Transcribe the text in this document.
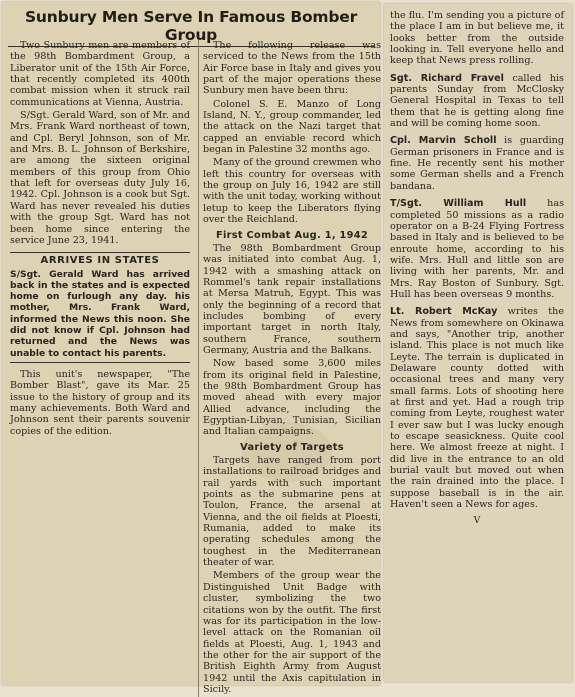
Sunbury Men Serve In Famous Bomber Group

Two Sunbury men are members of the 98th Bombardment Group, a Liberator unit of the 15th Air Force, that recently completed its 400th combat mission when it struck rail communications at Vienna, Austria.

S/Sgt. Gerald Ward, son of Mr. and Mrs. Frank Ward northeast of town, and Cpl. Beryl Johnson, son of Mr. and Mrs. B. L. Johnson of Berkshire, are among the sixteen original members of this group from Ohio that left for overseas duty July 16, 1942. Cpl. Johnson is a cook but Sgt. Ward has never revealed his duties with the group Sgt. Ward has not been home since entering the service June 23, 1941.

ARRIVES IN STATES
S/Sgt. Gerald Ward has arrived back in the states and is expected home on furlough any day. his mother, Mrs. Frank Ward, informed the News this noon. She did not know if Cpl. Johnson had returned and the News was unable to contact his parents.

This unit's newspaper, "The Bomber Blast", gave its Mar. 25 issue to the history of group and its many achievements. Both Ward and Johnson sent their parents souvenir copies of the edition.

The following release was serviced to the News from the 15th Air Force base in Italy and gives you part of the major operations these Sunbury men have been thru:

Colonel S. E. Manzo of Long Island, N. Y., group commander, led the attack on the Nazi target that capped an enviable record which began in Palestine 32 months ago.

Many of the ground crewmen who left this country for overseas with the group on July 16, 1942 are still with the unit today, working without letup to keep the Liberators flying over the Reichland.

First Combat Aug. 1, 1942

The 98th Bombardment Group was initiated into combat Aug. 1, 1942 with a smashing attack on Rommel's tank repair installations at Mersa Matruh, Egypt. This was only the beginning of a record that includes bombing of every important target in north Italy, southern France, southern Germany, Austria and the Balkans.

Now based some 3,600 miles from its original field in Palestine, the 98th Bombardment Group has moved ahead with every major Allied advance, including the Egyptian-Libyan, Tunisian, Sicilian and Italian campaigns.

Variety of Targets

Targets have ranged from port installations to railroad bridges and rail yards with such important points as the submarine pens at Toulon, France, the arsenal at Vienna, and the oil fields at Ploesti, Rumania, added to make its operating schedules among the toughest in the Mediterranean theater of war.

Members of the group wear the Distinguished Unit Badge with cluster, symbolizing the two citations won by the outfit. The first was for its participation in the low-level attack on the Romanian oil fields at Ploesti, Aug. 1, 1943 and the other for the air support of the British Eighth Army from August 1942 until the Axis capitulation in Sicily.

the flu. I'm sending you a picture of the place I am in but believe me, it looks better from the outside looking in. Tell everyone hello and keep that News press rolling.

Sgt. Richard Fravel called his parents Sunday from McClosky General Hospital in Texas to tell them that he is getting along fine and will be coming home soon.

Cpl. Marvin Scholl is guarding German prisoners in France and is fine. He recently sent his mother some German shells and a French bandana.

T/Sgt. William Hull has completed 50 missions as a radio operator on a B-24 Flying Fortress based in Italy and is believed to be enroute home, according to his wife. Mrs. Hull and little son are living with her parents, Mr. and Mrs. Ray Boston of Sunbury. Sgt. Hull has been overseas 9 months.

Lt. Robert McKay writes the News from somewhere on Okinawa and says, "Another trip, another island. This place is not much like Leyte. The terrain is duplicated in Delaware county dotted with occasional trees and many very small farms. Lots of shooting here at first and yet. Had a rough trip coming from Leyte, roughest water I ever saw but I was lucky enough to escape seasickness. Quite cool here. We almost freeze at night. I did live in the entrance to an old burial vault but moved out when the rain drained into the place. I suppose baseball is in the air. Haven't seen a News for ages.

V
